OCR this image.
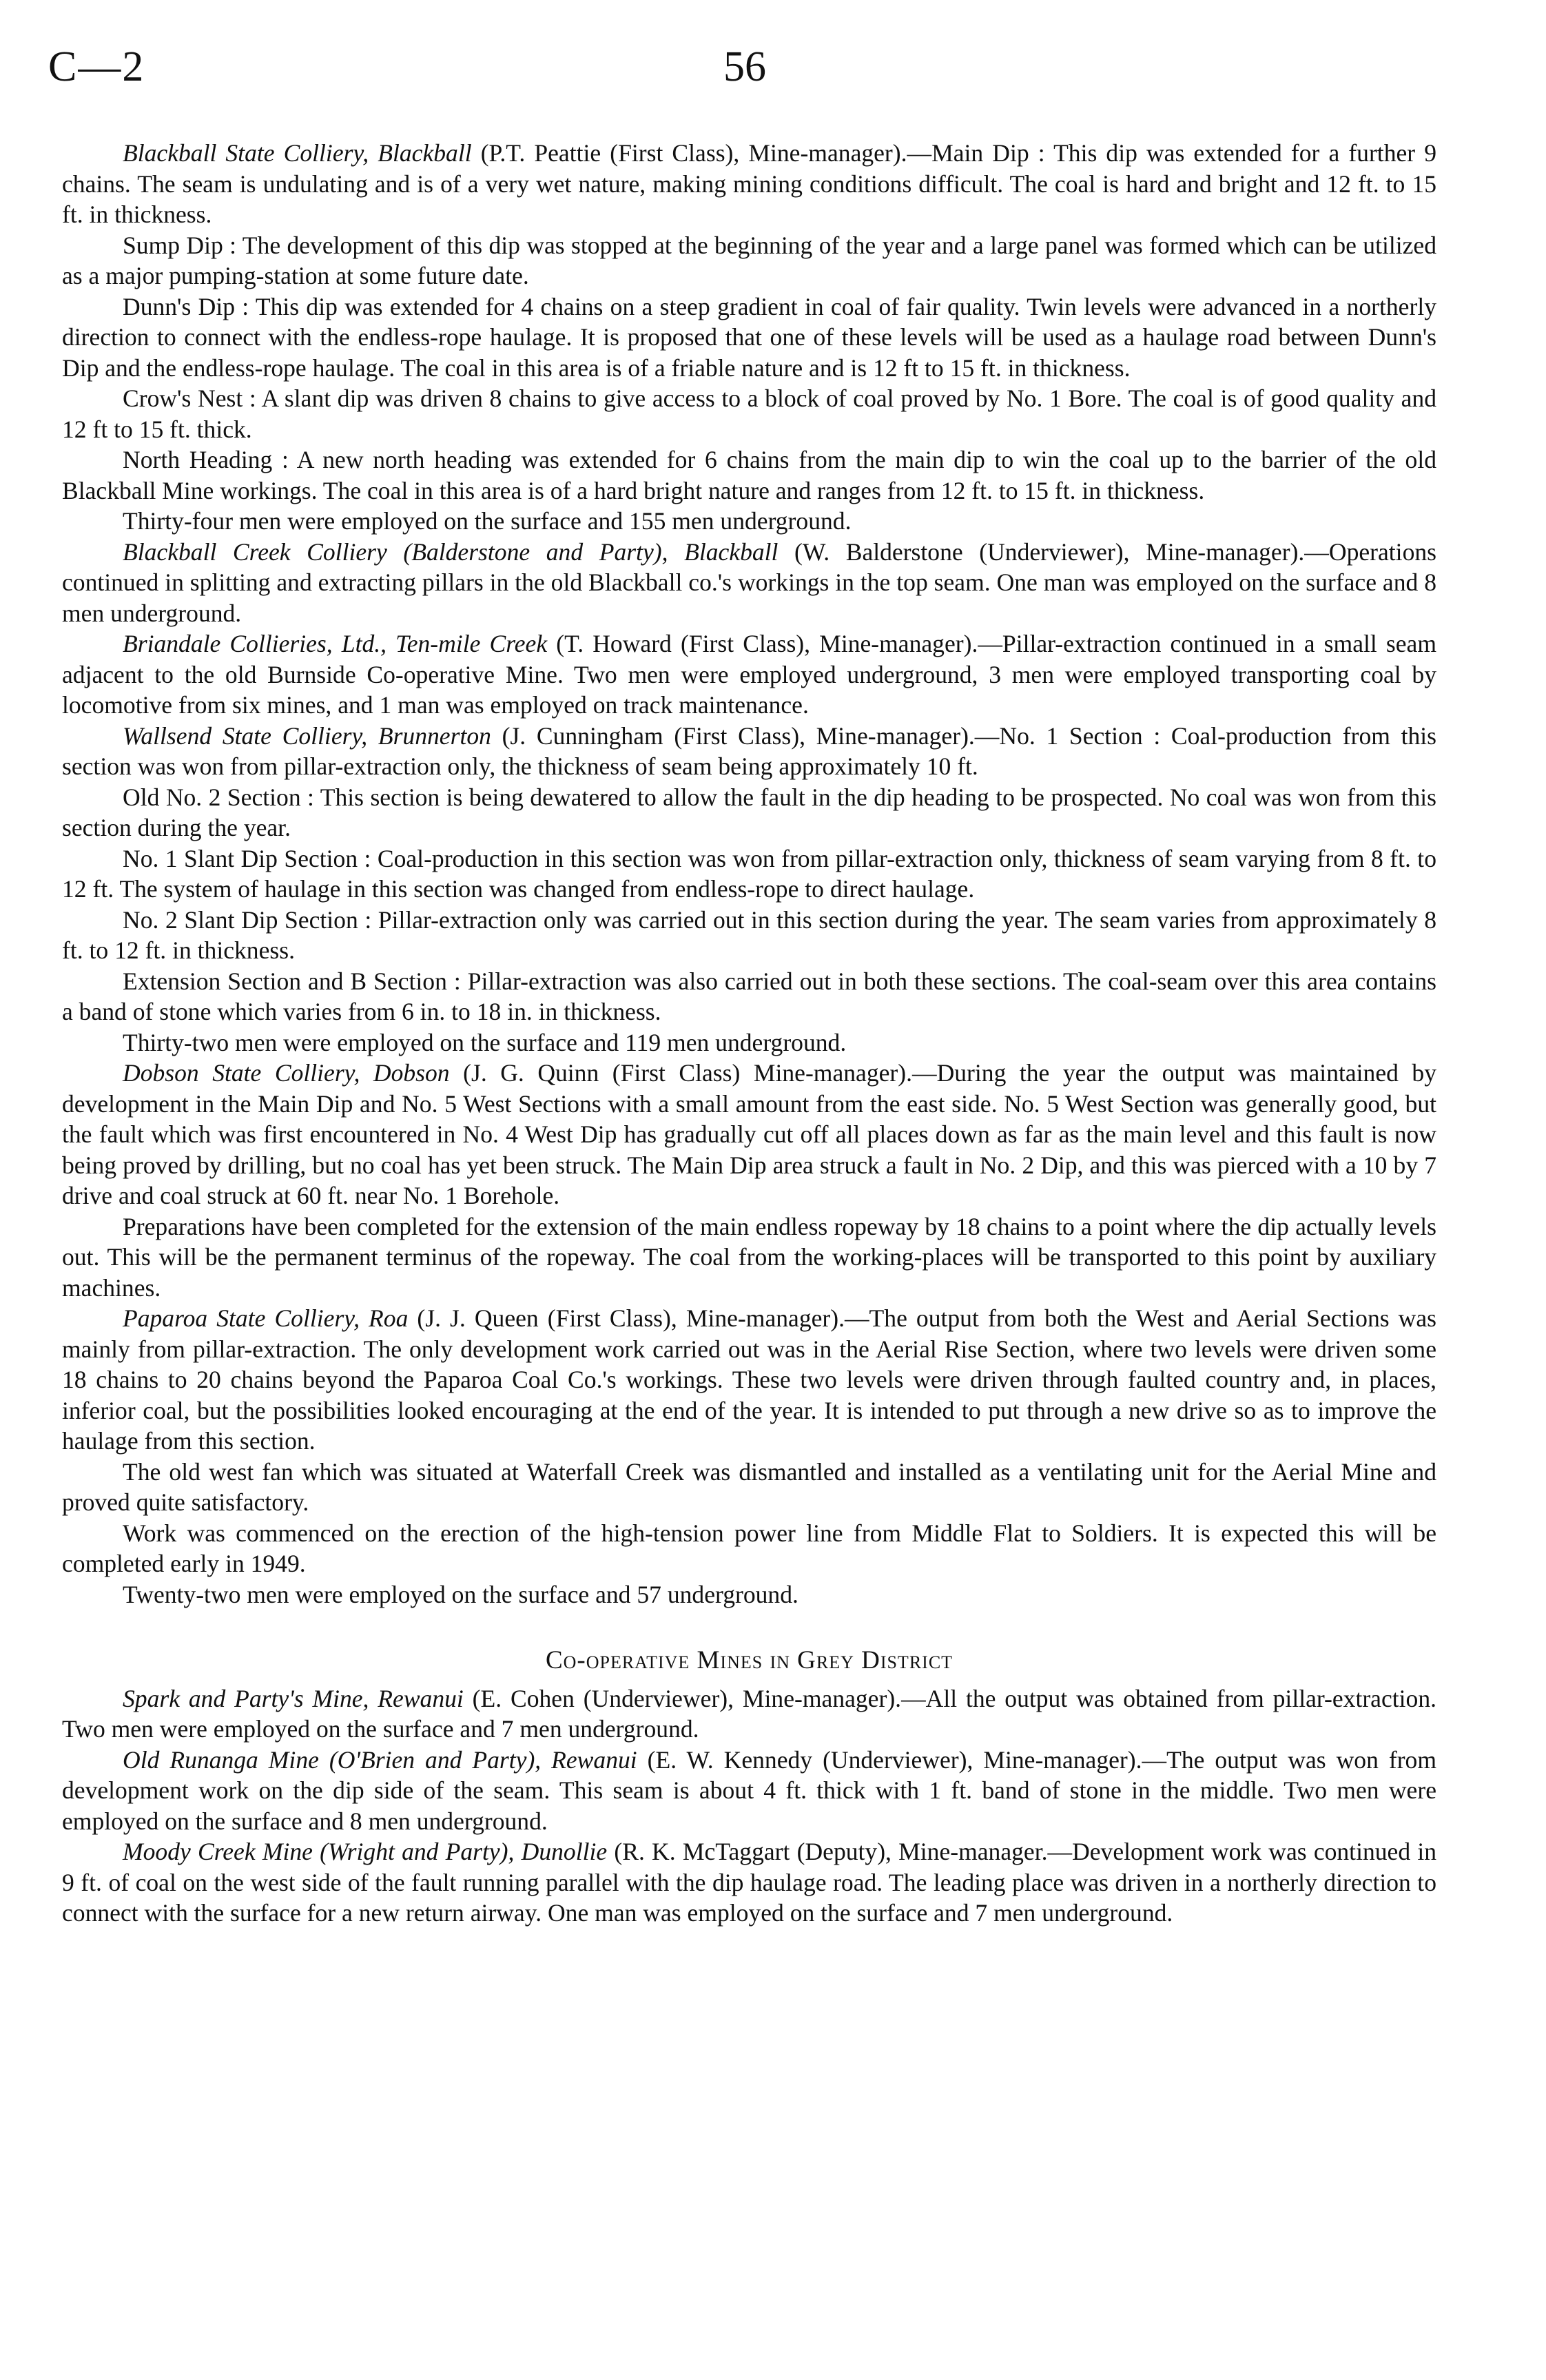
C—2	56

Blackball State Colliery, Blackball (P.T. Peattie (First Class), Mine-manager).—Main Dip : This dip was extended for a further 9 chains. The seam is undulating and is of a very wet nature, making mining conditions difficult. The coal is hard and bright and 12 ft. to 15 ft. in thickness.

Sump Dip : The development of this dip was stopped at the beginning of the year and a large panel was formed which can be utilized as a major pumping-station at some future date.

Dunn's Dip : This dip was extended for 4 chains on a steep gradient in coal of fair quality. Twin levels were advanced in a northerly direction to connect with the endless-rope haulage. It is proposed that one of these levels will be used as a haulage road between Dunn's Dip and the endless-rope haulage. The coal in this area is of a friable nature and is 12 ft to 15 ft. in thickness.

Crow's Nest : A slant dip was driven 8 chains to give access to a block of coal proved by No. 1 Bore. The coal is of good quality and 12 ft to 15 ft. thick.

North Heading : A new north heading was extended for 6 chains from the main dip to win the coal up to the barrier of the old Blackball Mine workings. The coal in this area is of a hard bright nature and ranges from 12 ft. to 15 ft. in thickness.

Thirty-four men were employed on the surface and 155 men underground.

Blackball Creek Colliery (Balderstone and Party), Blackball (W. Balderstone (Underviewer), Mine-manager).—Operations continued in splitting and extracting pillars in the old Blackball co.'s workings in the top seam. One man was employed on the surface and 8 men underground.

Briandale Collieries, Ltd., Ten-mile Creek (T. Howard (First Class), Mine-manager).—Pillar-extraction continued in a small seam adjacent to the old Burnside Co-operative Mine. Two men were employed underground, 3 men were employed transporting coal by locomotive from six mines, and 1 man was employed on track maintenance.

Wallsend State Colliery, Brunnerton (J. Cunningham (First Class), Mine-manager).—No. 1 Section : Coal-production from this section was won from pillar-extraction only, the thickness of seam being approximately 10 ft.

Old No. 2 Section : This section is being dewatered to allow the fault in the dip heading to be prospected. No coal was won from this section during the year.

No. 1 Slant Dip Section : Coal-production in this section was won from pillar-extraction only, thickness of seam varying from 8 ft. to 12 ft. The system of haulage in this section was changed from endless-rope to direct haulage.

No. 2 Slant Dip Section : Pillar-extraction only was carried out in this section during the year. The seam varies from approximately 8 ft. to 12 ft. in thickness.

Extension Section and B Section : Pillar-extraction was also carried out in both these sections. The coal-seam over this area contains a band of stone which varies from 6 in. to 18 in. in thickness.

Thirty-two men were employed on the surface and 119 men underground.

Dobson State Colliery, Dobson (J. G. Quinn (First Class) Mine-manager).—During the year the output was maintained by development in the Main Dip and No. 5 West Sections with a small amount from the east side. No. 5 West Section was generally good, but the fault which was first encountered in No. 4 West Dip has gradually cut off all places down as far as the main level and this fault is now being proved by drilling, but no coal has yet been struck. The Main Dip area struck a fault in No. 2 Dip, and this was pierced with a 10 by 7 drive and coal struck at 60 ft. near No. 1 Borehole.

Preparations have been completed for the extension of the main endless ropeway by 18 chains to a point where the dip actually levels out. This will be the permanent terminus of the ropeway. The coal from the working-places will be transported to this point by auxiliary machines.

Paparoa State Colliery, Roa (J. J. Queen (First Class), Mine-manager).—The output from both the West and Aerial Sections was mainly from pillar-extraction. The only development work carried out was in the Aerial Rise Section, where two levels were driven some 18 chains to 20 chains beyond the Paparoa Coal Co.'s workings. These two levels were driven through faulted country and, in places, inferior coal, but the possibilities looked encouraging at the end of the year. It is intended to put through a new drive so as to improve the haulage from this section.

The old west fan which was situated at Waterfall Creek was dismantled and installed as a ventilating unit for the Aerial Mine and proved quite satisfactory.

Work was commenced on the erection of the high-tension power line from Middle Flat to Soldiers. It is expected this will be completed early in 1949.

Twenty-two men were employed on the surface and 57 underground.

Co-operative Mines in Grey District

Spark and Party's Mine, Rewanui (E. Cohen (Underviewer), Mine-manager).—All the output was obtained from pillar-extraction. Two men were employed on the surface and 7 men underground.

Old Runanga Mine (O'Brien and Party), Rewanui (E. W. Kennedy (Underviewer), Mine-manager).—The output was won from development work on the dip side of the seam. This seam is about 4 ft. thick with 1 ft. band of stone in the middle. Two men were employed on the surface and 8 men underground.

Moody Creek Mine (Wright and Party), Dunollie (R. K. McTaggart (Deputy), Mine-manager.—Development work was continued in 9 ft. of coal on the west side of the fault running parallel with the dip haulage road. The leading place was driven in a northerly direction to connect with the surface for a new return airway. One man was employed on the surface and 7 men underground.
